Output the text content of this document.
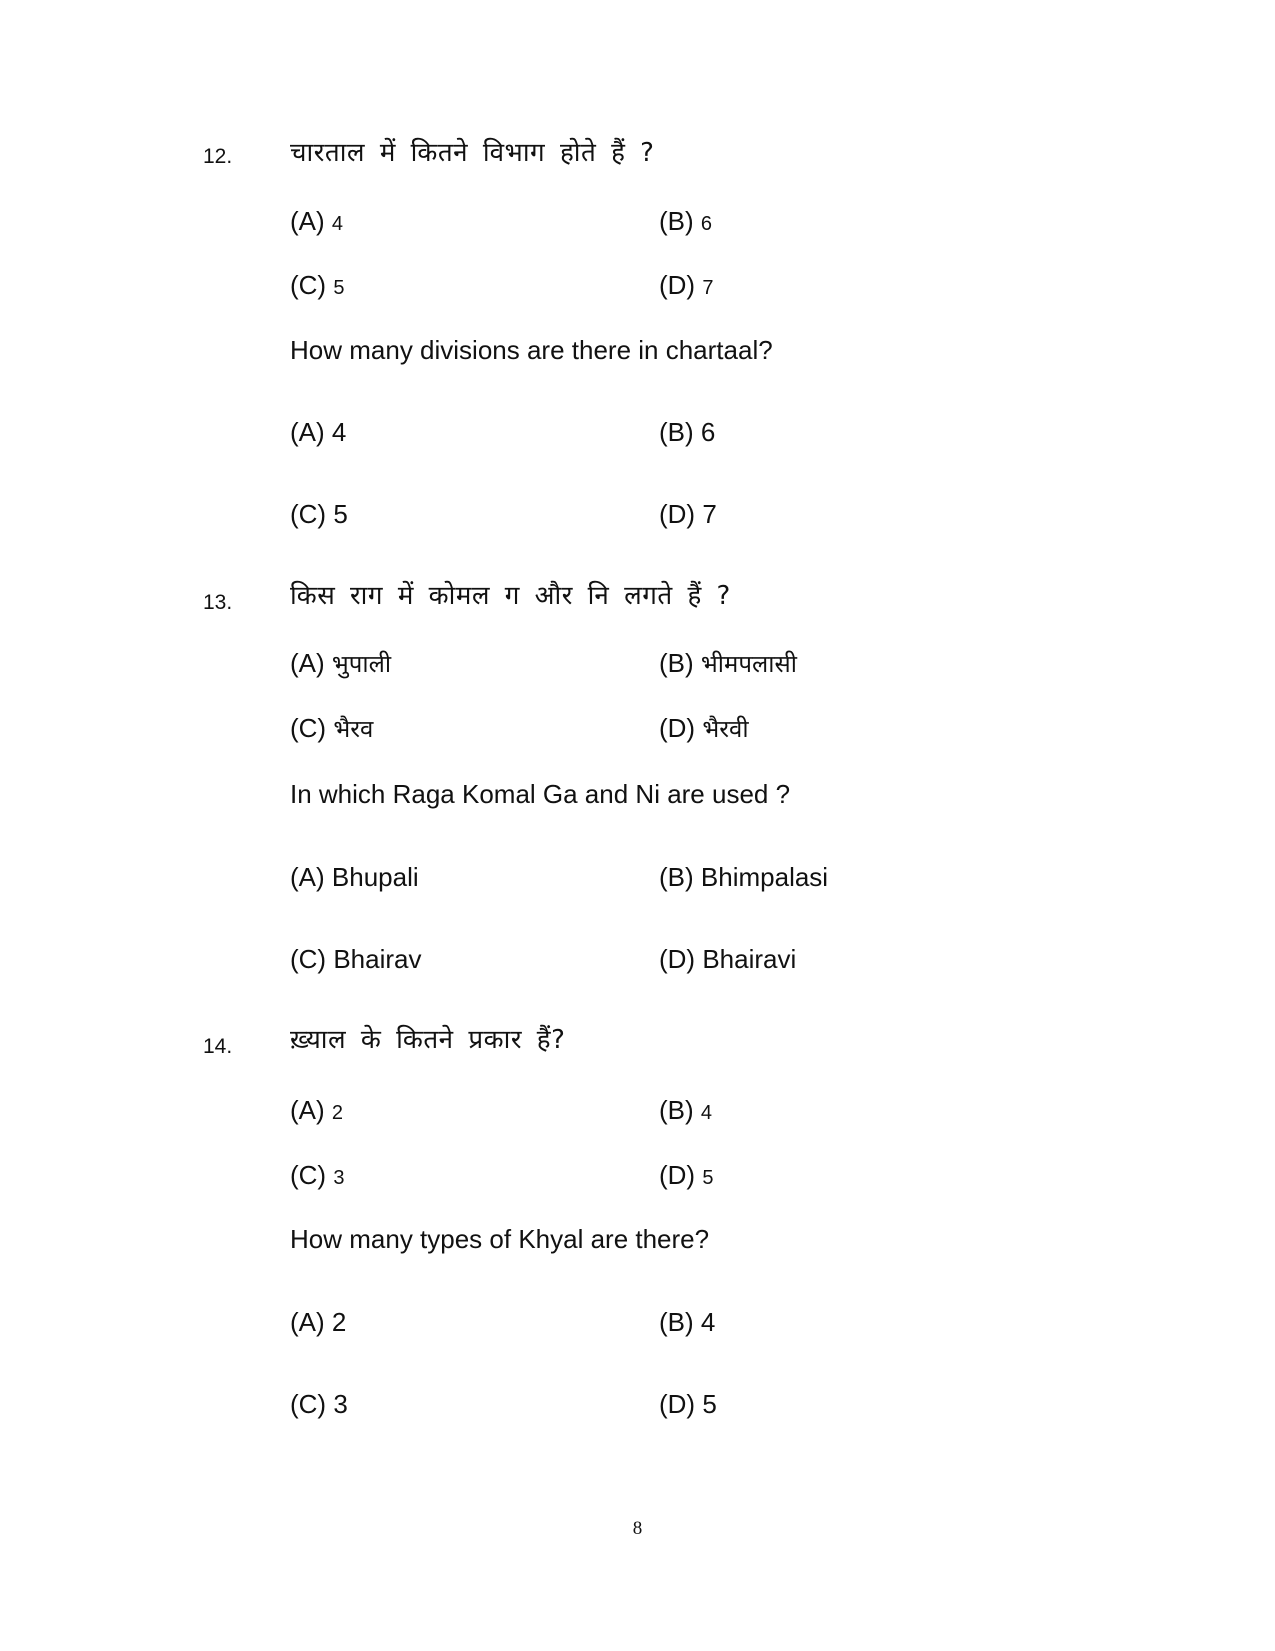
12. चारताल में कितने विभाग होते हैं ?
(A) 4	(B) 6
(C) 5	(D) 7
How many divisions are there in chartaal?
(A) 4	(B) 6
(C) 5	(D) 7
13. किस राग में कोमल ग और नि लगते हैं ?
(A) भुपाली	(B) भीमपलासी
(C) भैरव	(D) भैरवी
In which Raga Komal Ga and Ni are used ?
(A) Bhupali	(B) Bhimpalasi
(C) Bhairav	(D) Bhairavi
14. ख़्याल के कितने प्रकार हैं?
(A) 2	(B) 4
(C) 3	(D) 5
How many types of Khyal are there?
(A) 2	(B) 4
(C) 3	(D) 5
8
